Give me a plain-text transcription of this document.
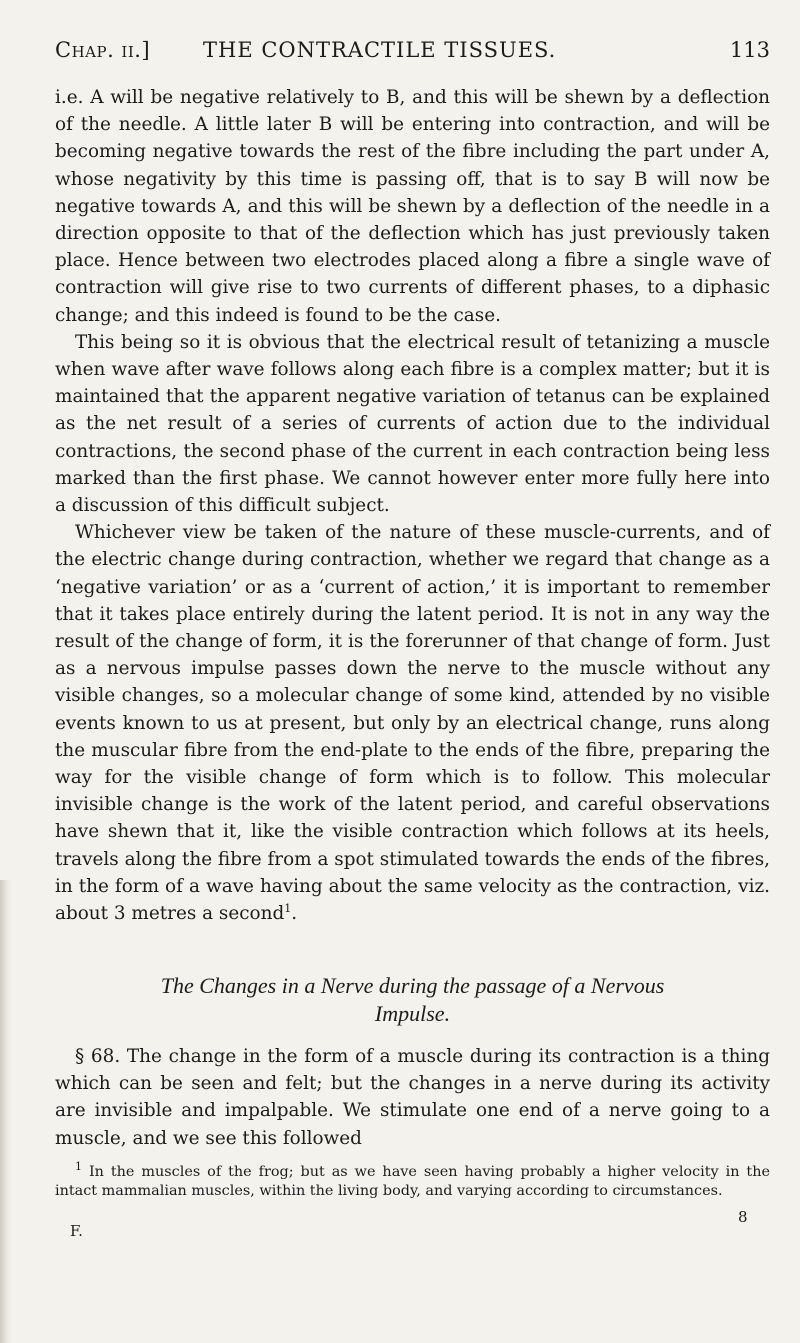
Chap. ii.]	THE CONTRACTILE TISSUES.	113

i.e. A will be negative relatively to B, and this will be shewn by a deflection of the needle. A little later B will be entering into contraction, and will be becoming negative towards the rest of the fibre including the part under A, whose negativity by this time is passing off, that is to say B will now be negative towards A, and this will be shewn by a deflection of the needle in a direction opposite to that of the deflection which has just previously taken place. Hence between two electrodes placed along a fibre a single wave of contraction will give rise to two currents of different phases, to a diphasic change; and this indeed is found to be the case.

This being so it is obvious that the electrical result of tetanizing a muscle when wave after wave follows along each fibre is a complex matter; but it is maintained that the apparent negative variation of tetanus can be explained as the net result of a series of currents of action due to the individual contractions, the second phase of the current in each contraction being less marked than the first phase. We cannot however enter more fully here into a discussion of this difficult subject.

Whichever view be taken of the nature of these muscle-currents, and of the electric change during contraction, whether we regard that change as a ‘negative variation’ or as a ‘current of action,’ it is important to remember that it takes place entirely during the latent period. It is not in any way the result of the change of form, it is the forerunner of that change of form. Just as a nervous impulse passes down the nerve to the muscle without any visible changes, so a molecular change of some kind, attended by no visible events known to us at present, but only by an electrical change, runs along the muscular fibre from the end-plate to the ends of the fibre, preparing the way for the visible change of form which is to follow. This molecular invisible change is the work of the latent period, and careful observations have shewn that it, like the visible contraction which follows at its heels, travels along the fibre from a spot stimulated towards the ends of the fibres, in the form of a wave having about the same velocity as the contraction, viz. about 3 metres a second$^1$.

The Changes in a Nerve during the passage of a Nervous
Impulse.

§ 68. The change in the form of a muscle during its contraction is a thing which can be seen and felt; but the changes in a nerve during its activity are invisible and impalpable. We stimulate one end of a nerve going to a muscle, and we see this followed

$^1$ In the muscles of the frog; but as we have seen having probably a higher velocity in the intact mammalian muscles, within the living body, and varying according to circumstances.

F.
8
